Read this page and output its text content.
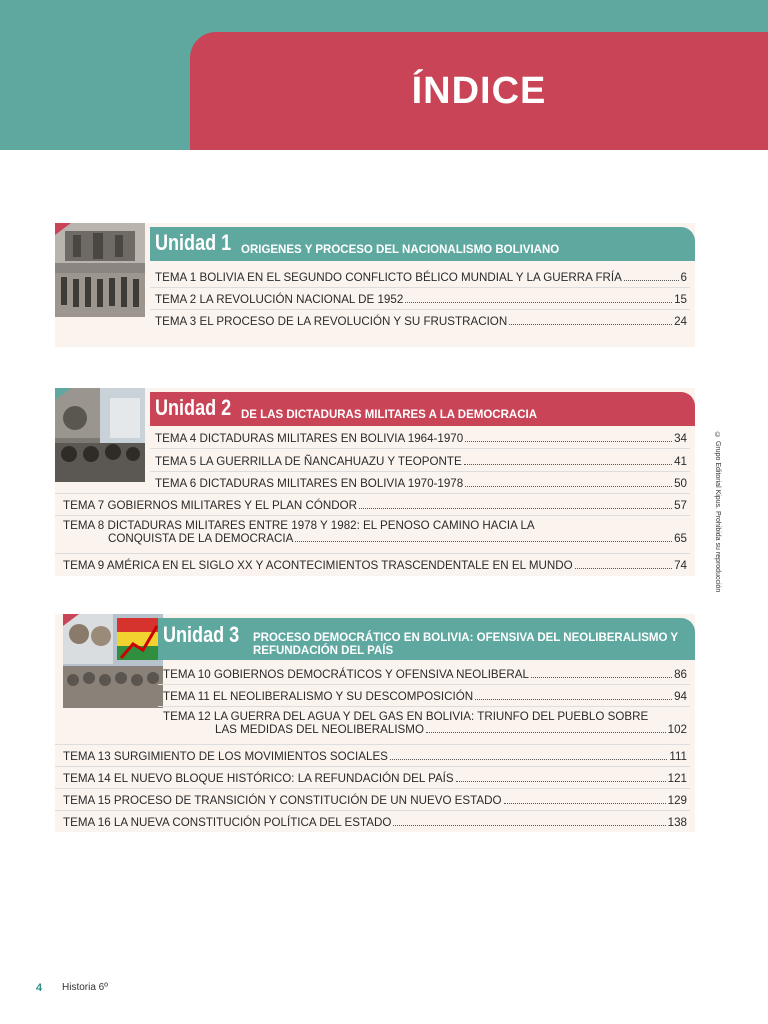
ÍNDICE
Unidad 1 ORIGENES Y PROCESO DEL NACIONALISMO BOLIVIANO
TEMA 1 BOLIVIA EN EL SEGUNDO CONFLICTO BÉLICO MUNDIAL Y LA GUERRA FRÍA	6
TEMA 2 LA REVOLUCIÓN NACIONAL DE 1952	15
TEMA 3 EL PROCESO DE LA REVOLUCIÓN Y SU FRUSTRACION	24
Unidad 2 DE LAS DICTADURAS MILITARES A LA DEMOCRACIA
TEMA 4 DICTADURAS MILITARES EN BOLIVIA 1964-1970	34
TEMA 5 LA GUERRILLA DE ÑANCAHUAZU Y TEOPONTE	41
TEMA 6 DICTADURAS MILITARES EN BOLIVIA 1970-1978	50
TEMA 7 GOBIERNOS MILITARES Y EL PLAN CÓNDOR	57
TEMA 8 DICTADURAS MILITARES ENTRE 1978 Y 1982: EL PENOSO CAMINO HACIA LA
CONQUISTA DE LA DEMOCRACIA	65
TEMA 9 AMÉRICA EN EL SIGLO XX Y ACONTECIMIENTOS TRASCENDENTALE EN EL MUNDO	74
Unidad 3 PROCESO DEMOCRÁTICO EN BOLIVIA: OFENSIVA DEL NEOLIBERALISMO Y REFUNDACIÓN DEL PAÍS
TEMA 10 GOBIERNOS DEMOCRÁTICOS Y OFENSIVA NEOLIBERAL	86
TEMA 11 EL NEOLIBERALISMO Y SU DESCOMPOSICIÓN	94
TEMA 12 LA GUERRA DEL AGUA Y DEL GAS EN BOLIVIA: TRIUNFO DEL PUEBLO SOBRE
LAS MEDIDAS DEL NEOLIBERALISMO	102
TEMA 13 SURGIMIENTO DE LOS MOVIMIENTOS SOCIALES	111
TEMA 14 EL NUEVO BLOQUE HISTÓRICO: LA REFUNDACIÓN DEL PAÍS	121
TEMA 15 PROCESO DE TRANSICIÓN Y CONSTITUCIÓN DE UN NUEVO ESTADO	129
TEMA 16 LA NUEVA CONSTITUCIÓN POLÍTICA DEL ESTADO	138
© Grupo Editorial Kipus. Prohibida su reproducción
4 Historia 6º
